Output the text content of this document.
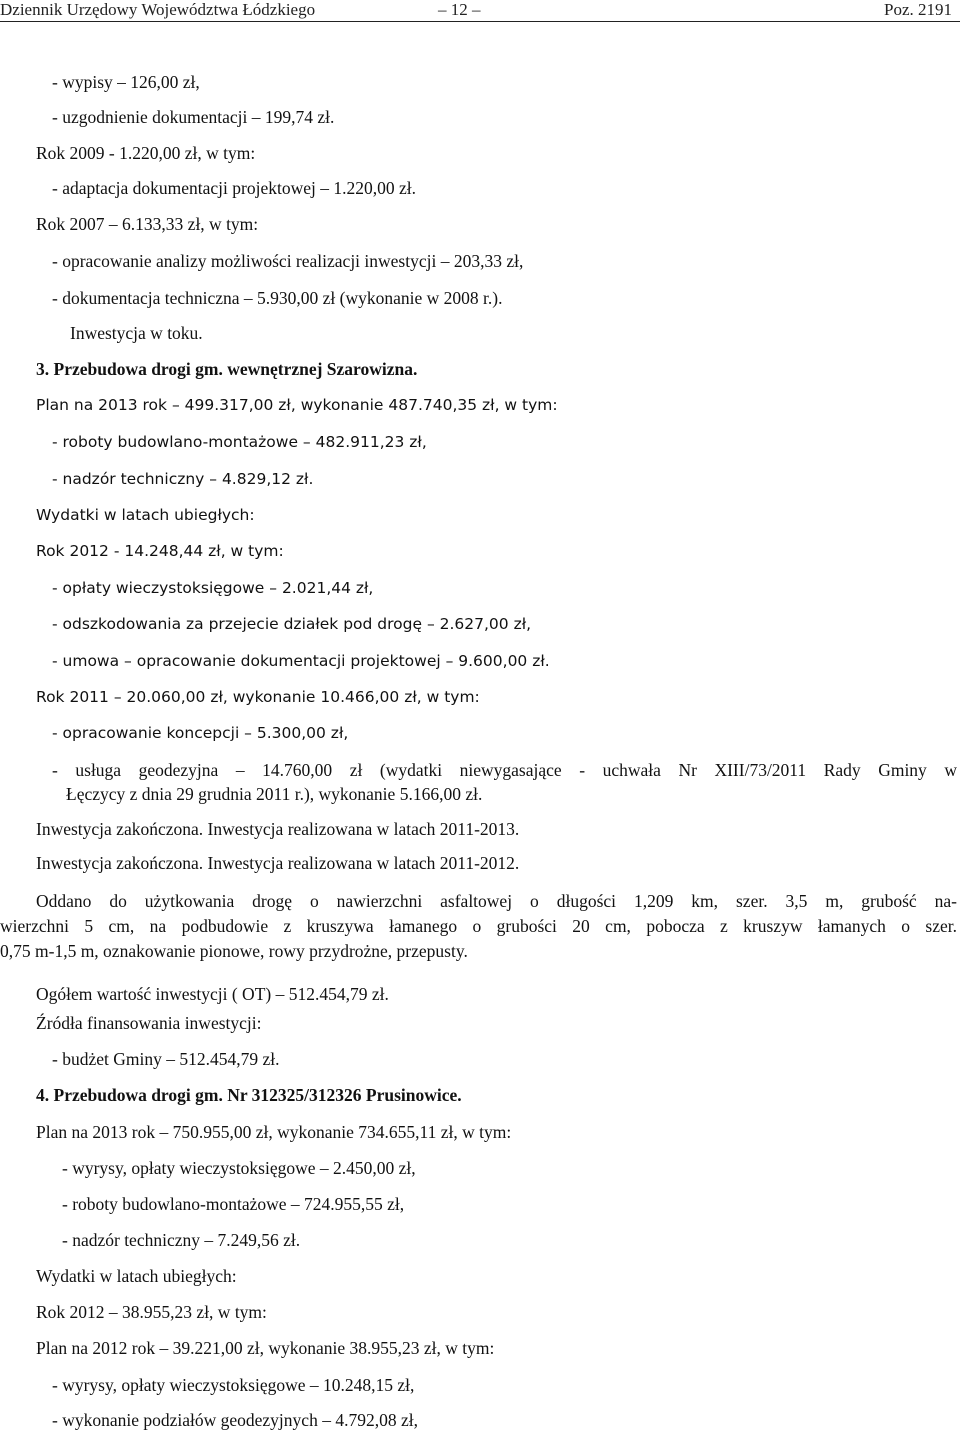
Dziennik Urzędowy Województwa Łódzkiego	– 12 –	Poz. 2191
- wypisy – 126,00 zł,
- uzgodnienie dokumentacji – 199,74 zł.
Rok 2009 - 1.220,00 zł, w tym:
- adaptacja dokumentacji projektowej – 1.220,00 zł.
Rok 2007 – 6.133,33 zł, w tym:
- opracowanie analizy możliwości realizacji inwestycji – 203,33 zł,
- dokumentacja techniczna – 5.930,00 zł (wykonanie w 2008 r.).
Inwestycja w toku.
3. Przebudowa drogi gm. wewnętrznej Szarowizna.
Plan na 2013 rok – 499.317,00 zł, wykonanie 487.740,35 zł, w tym:
- roboty budowlano-montażowe – 482.911,23 zł,
- nadzór techniczny – 4.829,12 zł.
Wydatki w latach ubiegłych:
Rok 2012 - 14.248,44 zł, w tym:
- opłaty wieczystoksięgowe – 2.021,44 zł,
- odszkodowania za przejecie działek pod drogę – 2.627,00 zł,
- umowa – opracowanie dokumentacji projektowej – 9.600,00 zł.
Rok 2011 – 20.060,00 zł, wykonanie 10.466,00 zł, w tym:
- opracowanie koncepcji – 5.300,00 zł,
- usługa geodezyjna – 14.760,00 zł (wydatki niewygasające - uchwała Nr XIII/73/2011 Rady Gminy w
Łęczycy z dnia 29 grudnia 2011 r.), wykonanie 5.166,00 zł.
Inwestycja zakończona. Inwestycja realizowana w latach 2011-2013.
Inwestycja zakończona. Inwestycja realizowana w latach 2011-2012.
Oddano do użytkowania drogę o nawierzchni asfaltowej o długości 1,209 km, szer. 3,5 m, grubość na-
wierzchni 5 cm, na podbudowie z kruszywa łamanego o grubości 20 cm, pobocza z kruszyw łamanych o szer.
0,75 m-1,5 m, oznakowanie pionowe, rowy przydrożne, przepusty.
Ogółem wartość inwestycji ( OT) – 512.454,79 zł.
Źródła finansowania inwestycji:
- budżet Gminy – 512.454,79 zł.
4. Przebudowa drogi gm. Nr 312325/312326 Prusinowice.
Plan na 2013 rok – 750.955,00 zł, wykonanie 734.655,11 zł, w tym:
- wyrysy, opłaty wieczystoksięgowe – 2.450,00 zł,
- roboty budowlano-montażowe – 724.955,55 zł,
- nadzór techniczny – 7.249,56 zł.
Wydatki w latach ubiegłych:
Rok 2012 – 38.955,23 zł, w tym:
Plan na 2012 rok – 39.221,00 zł, wykonanie 38.955,23 zł, w tym:
- wyrysy, opłaty wieczystoksięgowe – 10.248,15 zł,
- wykonanie podziałów geodezyjnych – 4.792,08 zł,
